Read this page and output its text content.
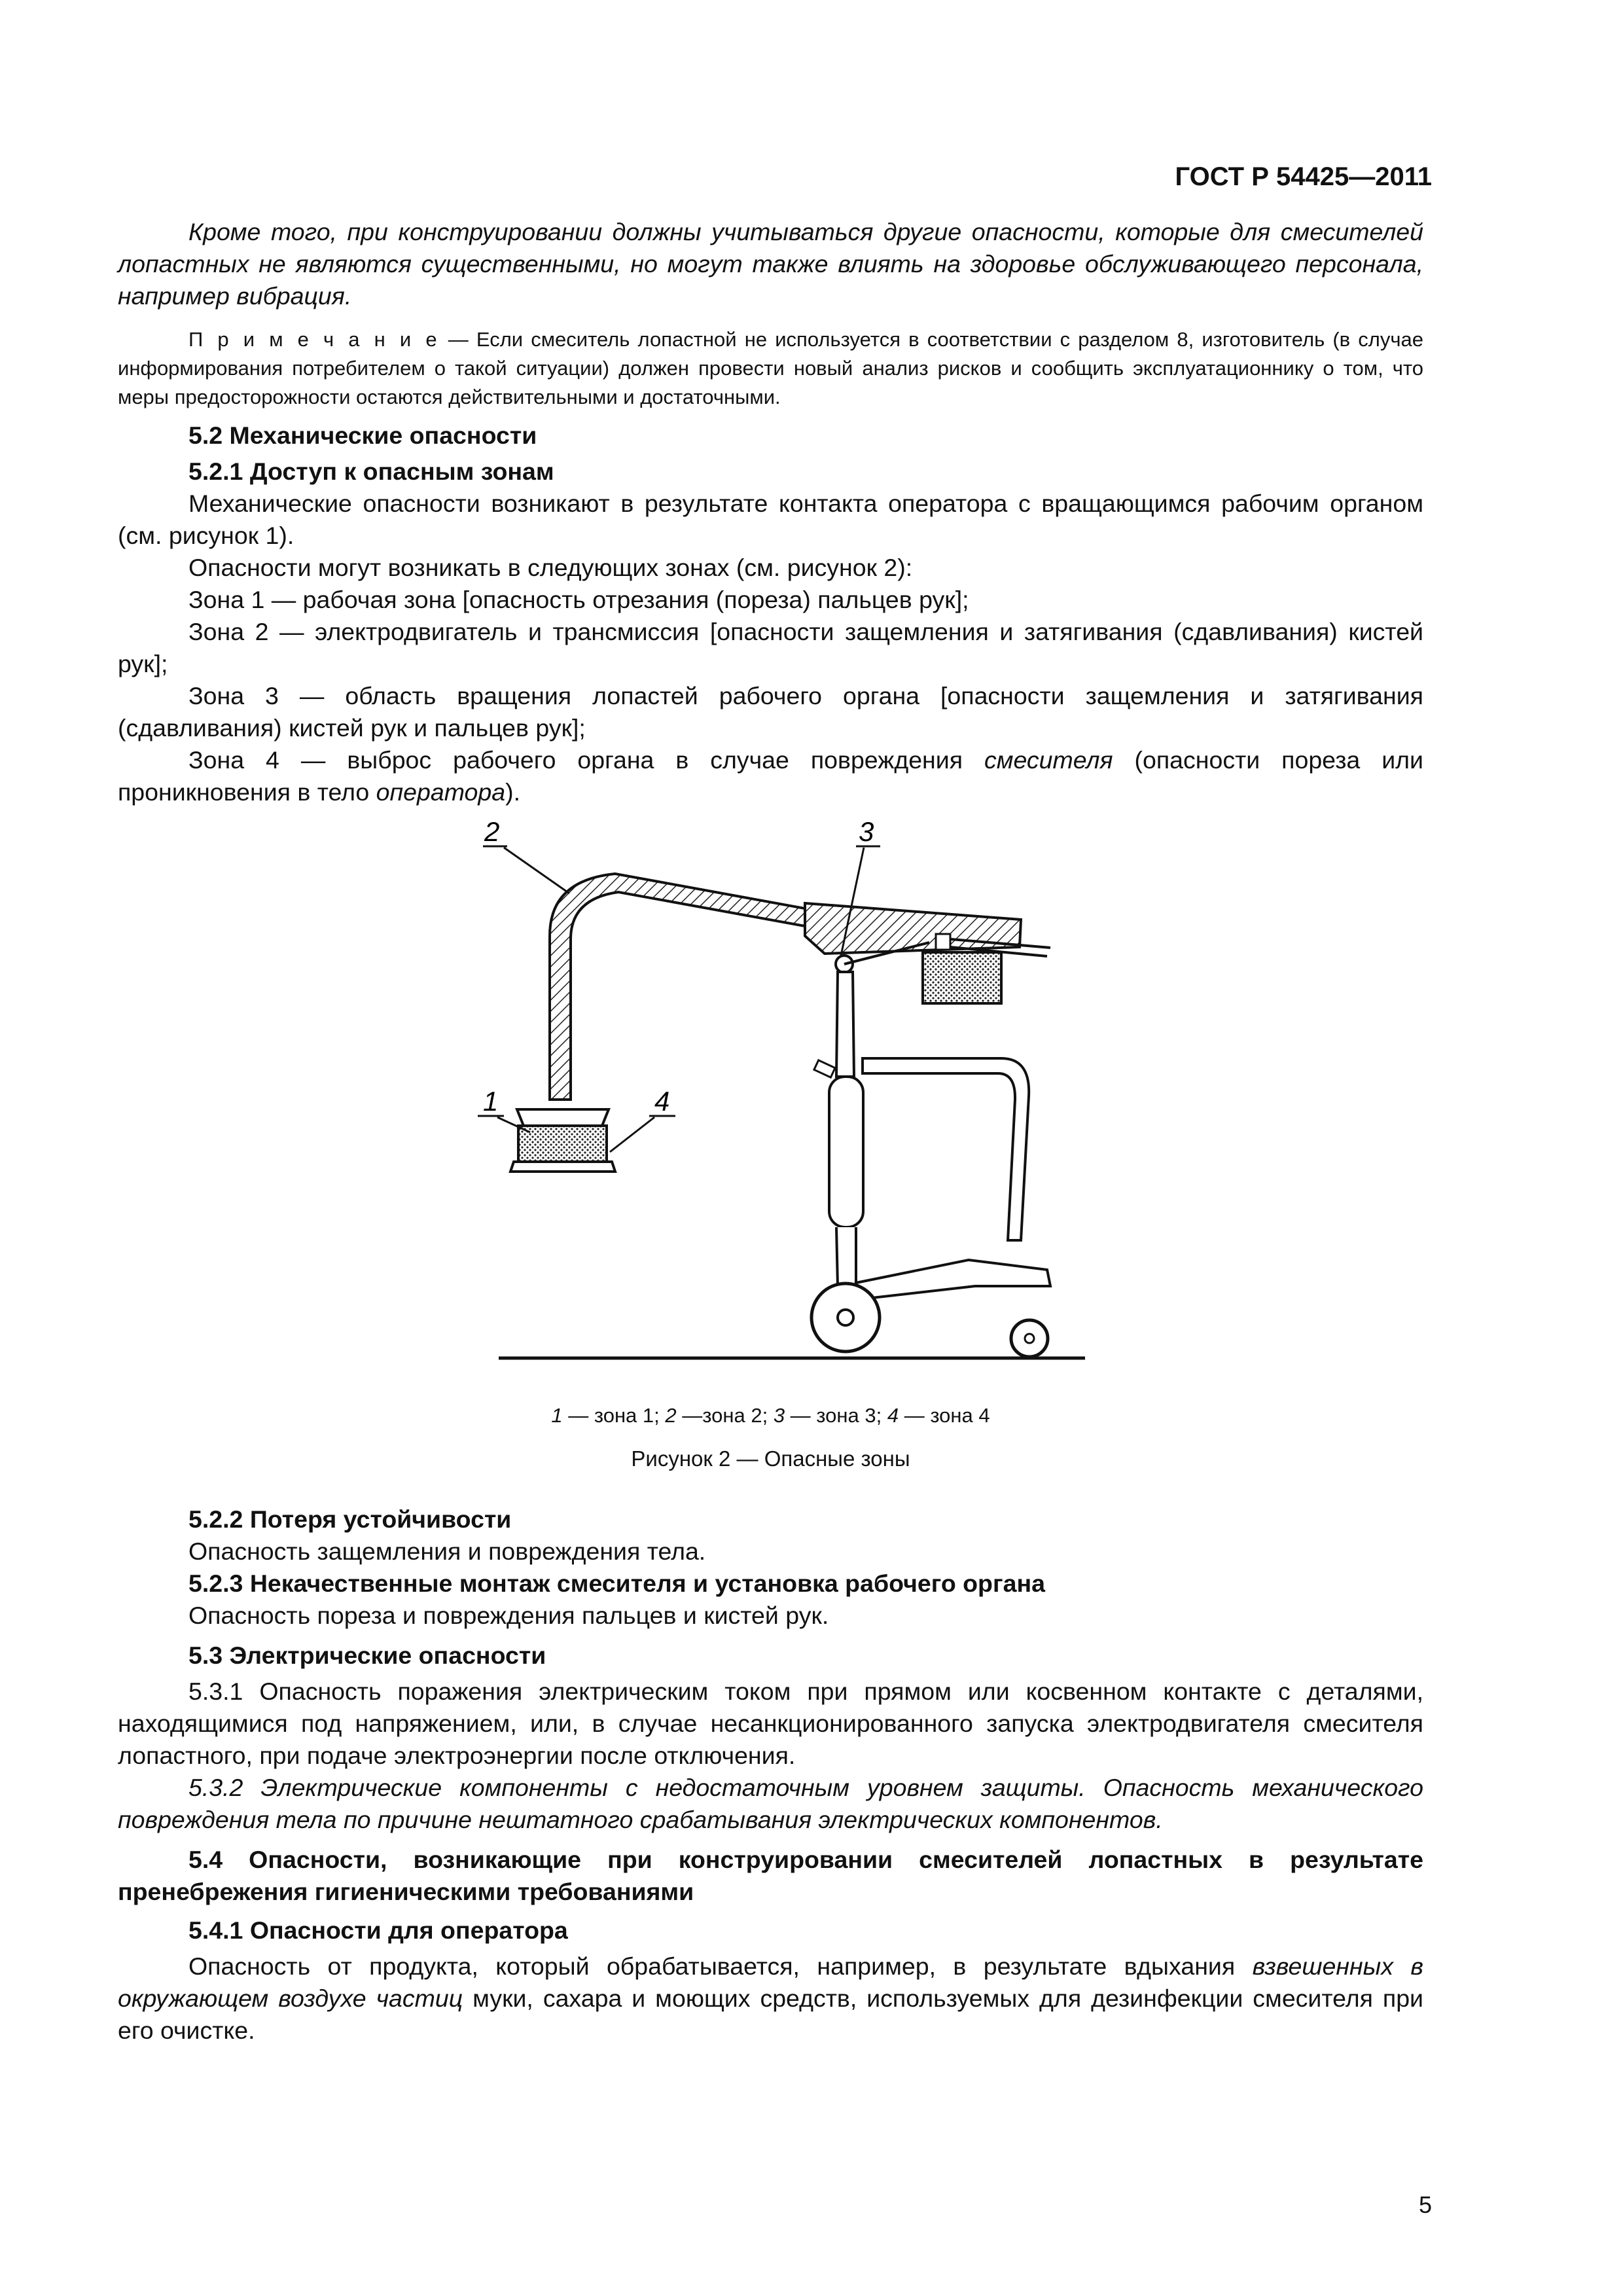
ГОСТ Р 54425—2011

Кроме того, при конструировании должны учитываться другие опасности, которые для смесителей лопастных не являются существенными, но могут также влиять на здоровье обслуживающего персонала, например вибрация.

П р и м е ч а н и е — Если смеситель лопастной не используется в соответствии с разделом 8, изготовитель (в случае информирования потребителем о такой ситуации) должен провести новый анализ рисков и сообщить эксплуатационнику о том, что меры предосторожности остаются действительными и достаточными.

5.2 Механические опасности

5.2.1 Доступ к опасным зонам

Механические опасности возникают в результате контакта оператора с вращающимся рабочим органом (см. рисунок 1).

Опасности могут возникать в следующих зонах (см. рисунок 2):

Зона 1 — рабочая зона [опасность отрезания (пореза) пальцев рук];

Зона 2 — электродвигатель и трансмиссия [опасности защемления и затягивания (сдавливания) кистей рук];

Зона 3 — область вращения лопастей рабочего органа [опасности защемления и затягивания (сдавливания) кистей рук и пальцев рук];

Зона 4 — выброс рабочего органа в случае повреждения смесителя (опасности пореза или проникновения в тело оператора).

2	3
1	4
1 — зона 1; 2 —зона 2; 3 — зона 3; 4 — зона 4
Рисунок 2 — Опасные зоны

5.2.2 Потеря устойчивости

Опасность защемления и повреждения тела.

5.2.3 Некачественные монтаж смесителя и установка рабочего органа

Опасность пореза и повреждения пальцев и кистей рук.

5.3 Электрические опасности

5.3.1 Опасность поражения электрическим током при прямом или косвенном контакте с деталями, находящимися под напряжением, или, в случае несанкционированного запуска электродвигателя смесителя лопастного, при подаче электроэнергии после отключения.

5.3.2 Электрические компоненты с недостаточным уровнем защиты. Опасность механического повреждения тела по причине нештатного срабатывания электрических компонентов.

5.4 Опасности, возникающие при конструировании смесителей лопастных в результате пренебрежения гигиеническими требованиями

5.4.1 Опасности для оператора

Опасность от продукта, который обрабатывается, например, в результате вдыхания взвешенных в окружающем воздухе частиц муки, сахара и моющих средств, используемых для дезинфекции смесителя при его очистке.

5
